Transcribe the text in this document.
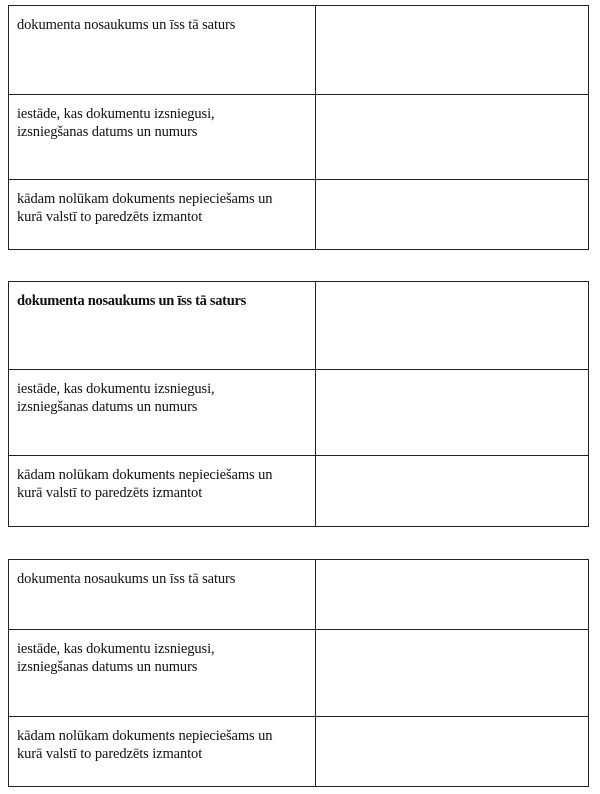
dokumenta nosaukums un īss tā saturs	

iestāde, kas dokumentu izsniegusi,
izsniegšanas datums un numurs	

kādam nolūkam dokuments nepieciešams un
kurā valstī to paredzēts izmantot	

dokumenta nosaukums un īss tā saturs	

iestāde, kas dokumentu izsniegusi,
izsniegšanas datums un numurs	

kādam nolūkam dokuments nepieciešams un
kurā valstī to paredzēts izmantot	

dokumenta nosaukums un īss tā saturs	

iestāde, kas dokumentu izsniegusi,
izsniegšanas datums un numurs	

kādam nolūkam dokuments nepieciešams un
kurā valstī to paredzēts izmantot	
